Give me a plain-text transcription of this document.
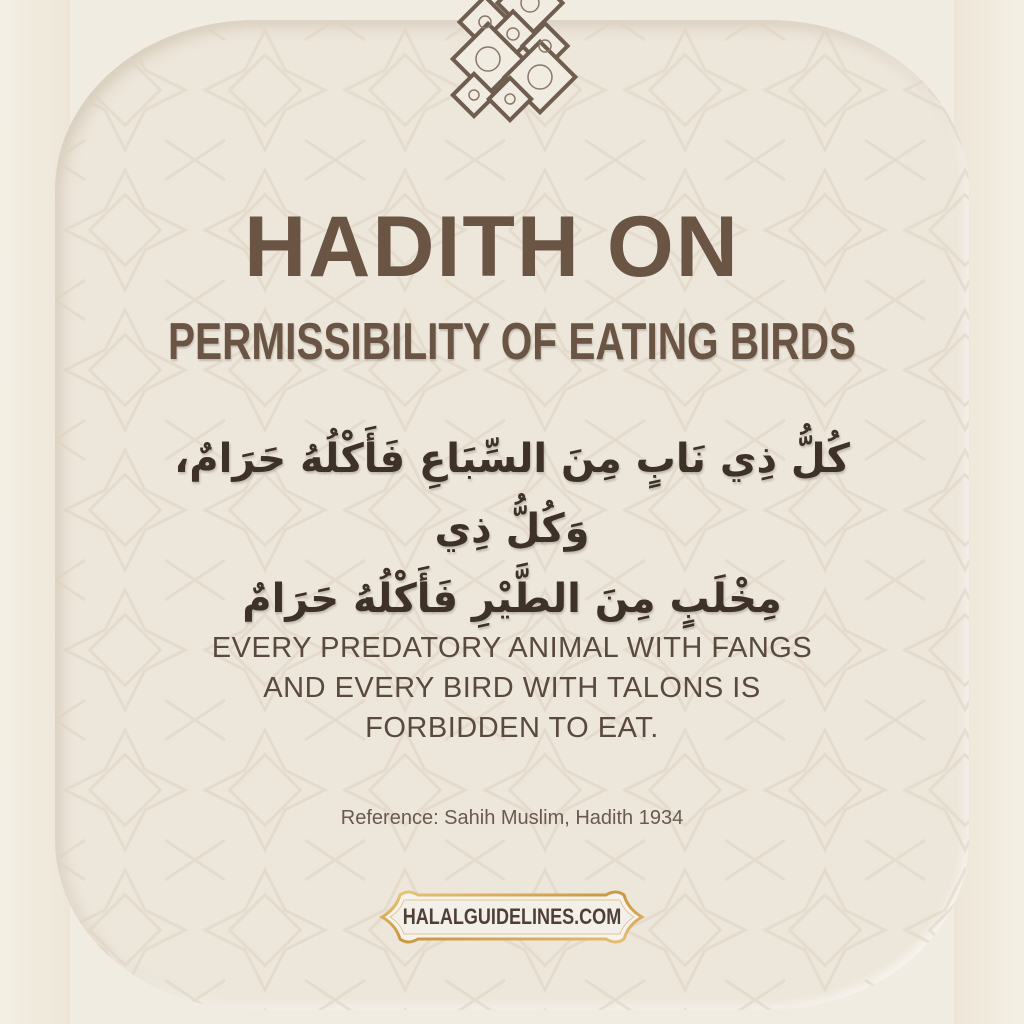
HADITH ON
PERMISSIBILITY OF EATING BIRDS
كُلُّ ذِي نَابٍ مِنَ السِّبَاعِ فَأَكْلُهُ حَرَامٌ، وَكُلُّ ذِي
مِخْلَبٍ مِنَ الطَّيْرِ فَأَكْلُهُ حَرَامٌ
EVERY PREDATORY ANIMAL WITH FANGS
AND EVERY BIRD WITH TALONS IS
FORBIDDEN TO EAT.
Reference: Sahih Muslim, Hadith 1934
HALALGUIDELINES.COM
